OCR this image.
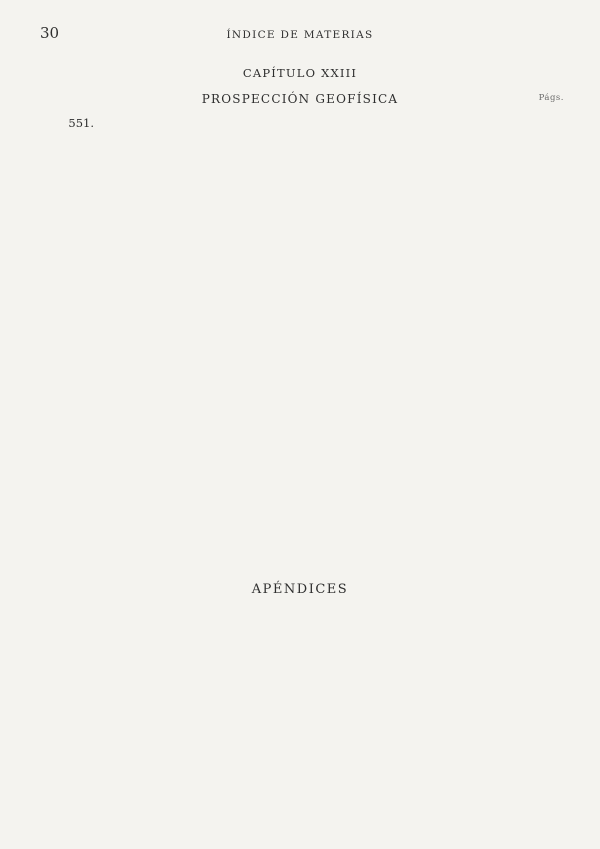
30	ÍNDICE DE MATERIAS
CAPÍTULO XXIII
PROSPECCIÓN GEOFÍSICA	Págs.
APÉNDICES
551.
